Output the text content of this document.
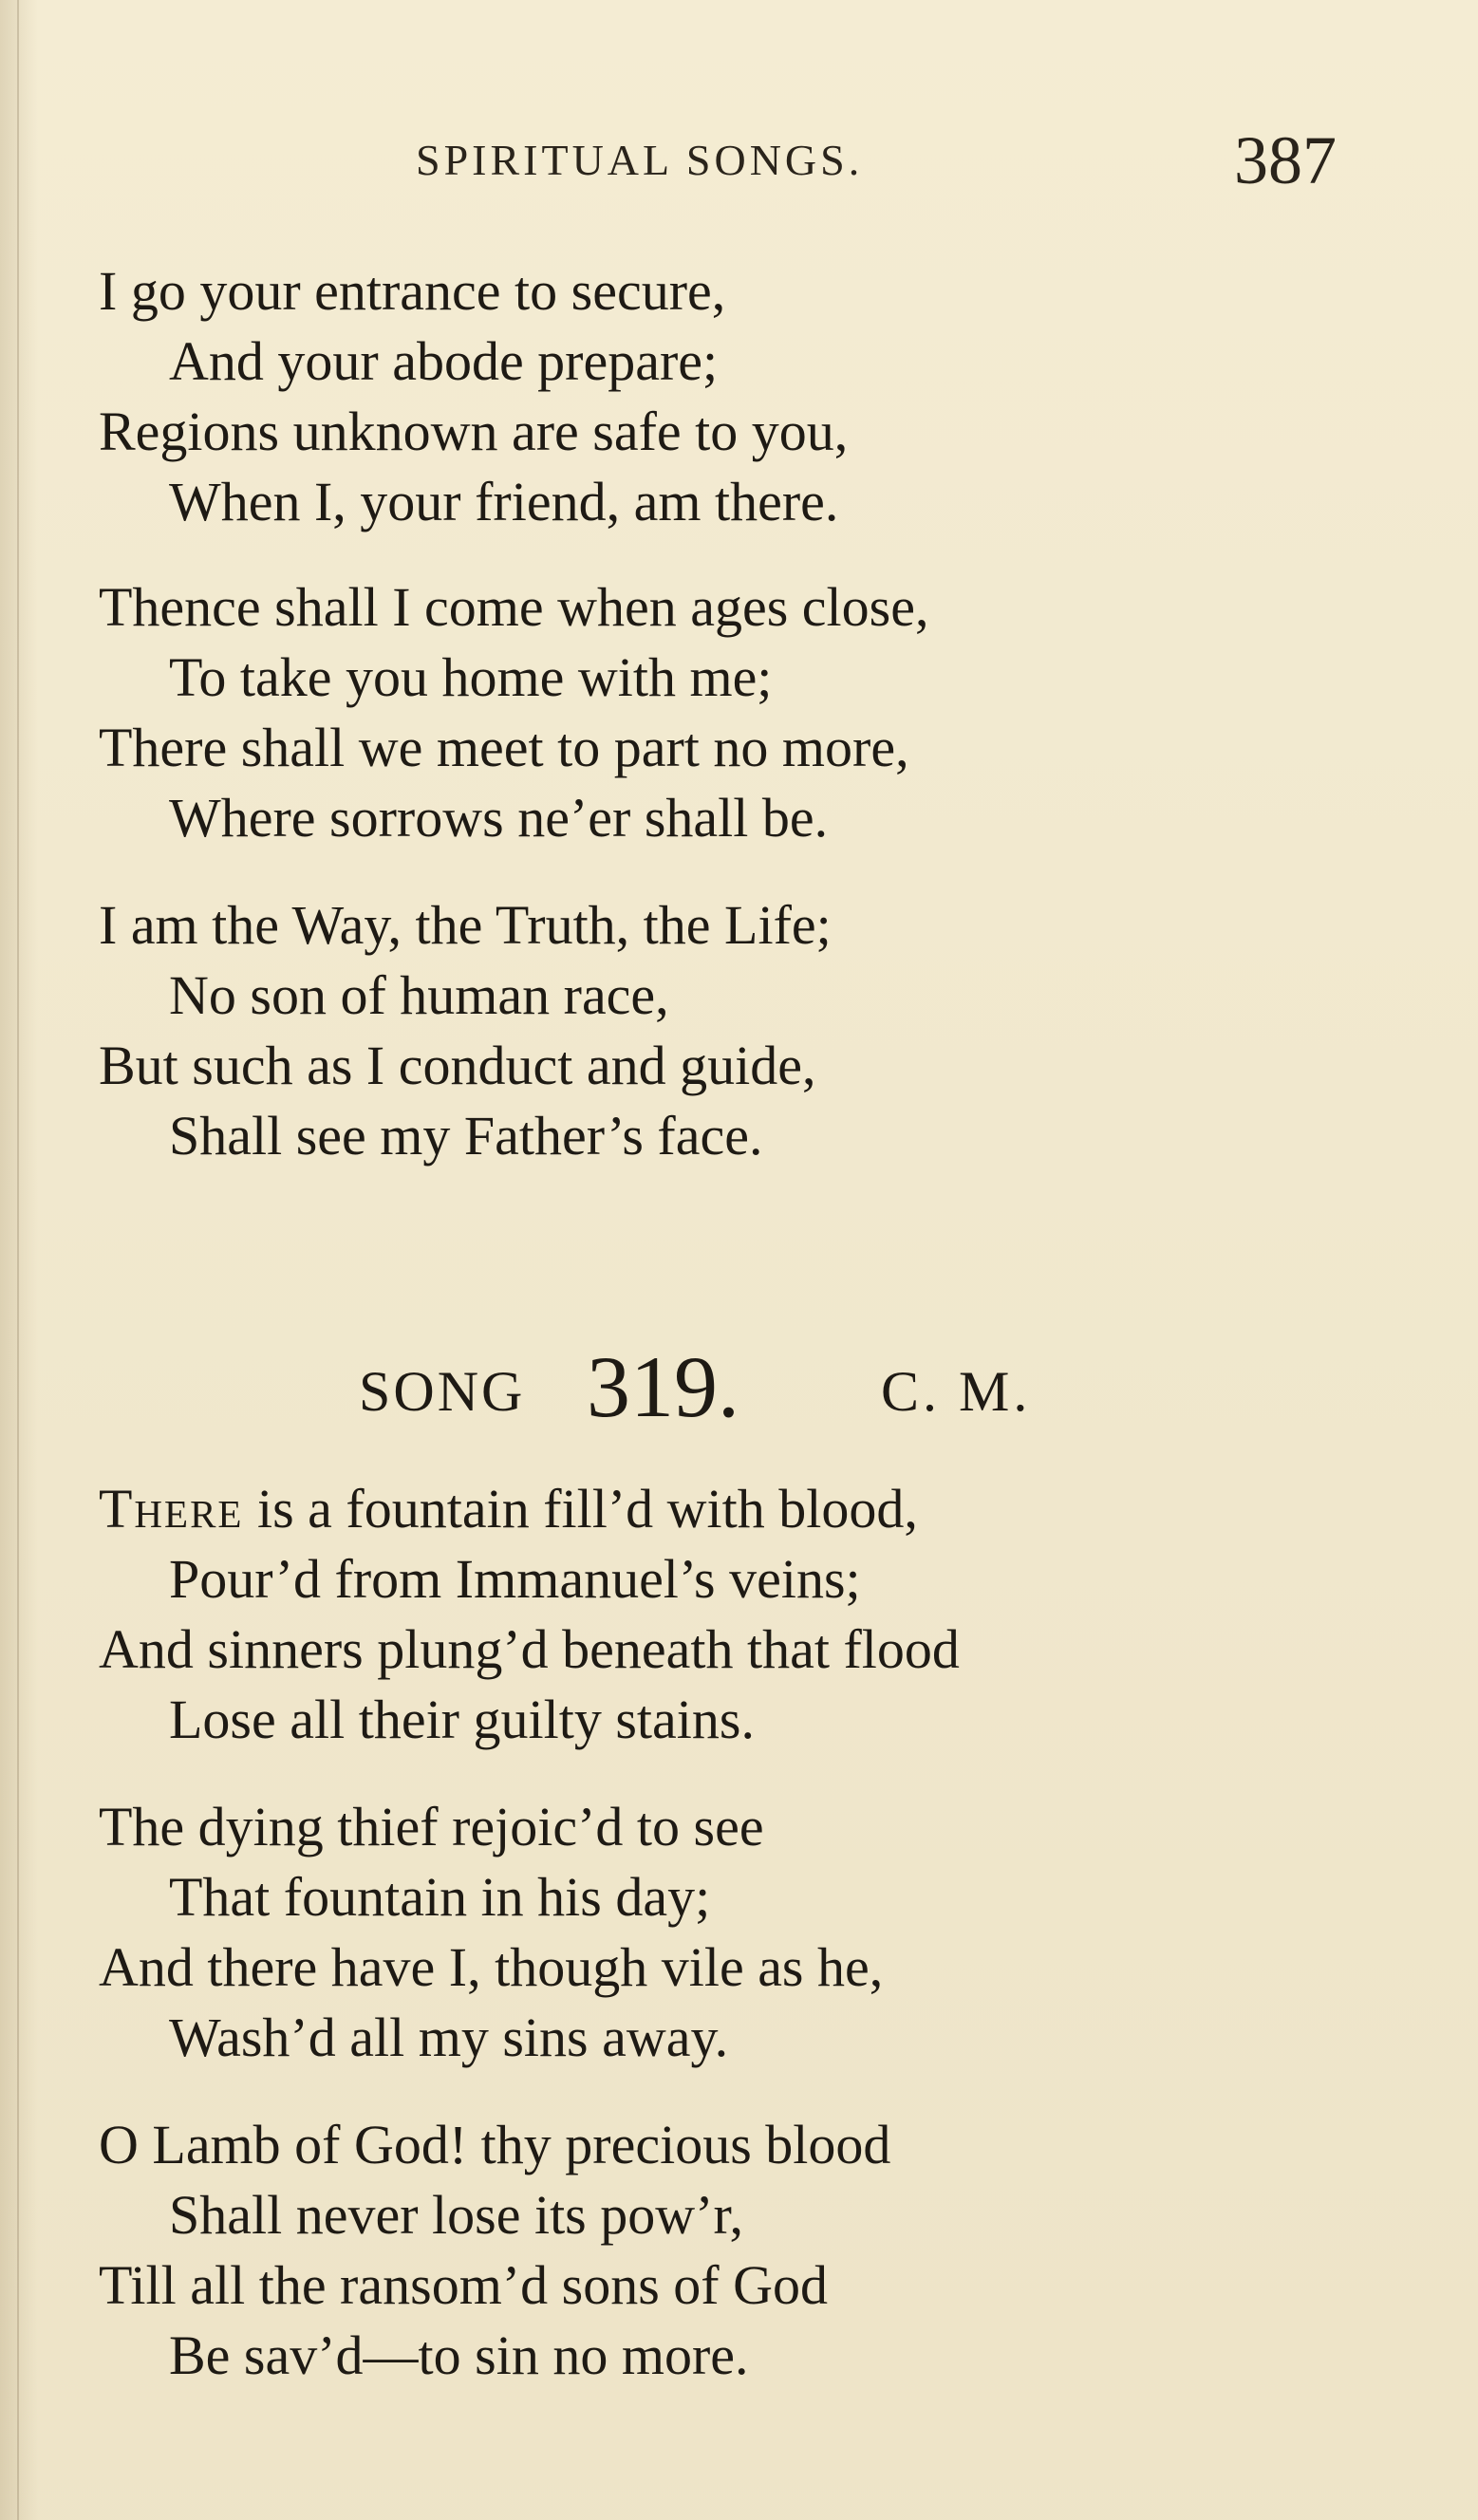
SPIRITUAL SONGS.	387
I go your entrance to secure,
And your abode prepare;
Regions unknown are safe to you,
When I, your friend, am there.
Thence shall I come when ages close,
To take you home with me;
There shall we meet to part no more,
Where sorrows ne’er shall be.
I am the Way, the Truth, the Life;
No son of human race,
But such as I conduct and guide,
Shall see my Father’s face.
SONG 319. C. M.
There is a fountain fill’d with blood,
Pour’d from Immanuel’s veins;
And sinners plung’d beneath that flood
Lose all their guilty stains.
The dying thief rejoic’d to see
That fountain in his day;
And there have I, though vile as he,
Wash’d all my sins away.
O Lamb of God! thy precious blood
Shall never lose its pow’r,
Till all the ransom’d sons of God
Be sav’d—to sin no more.
